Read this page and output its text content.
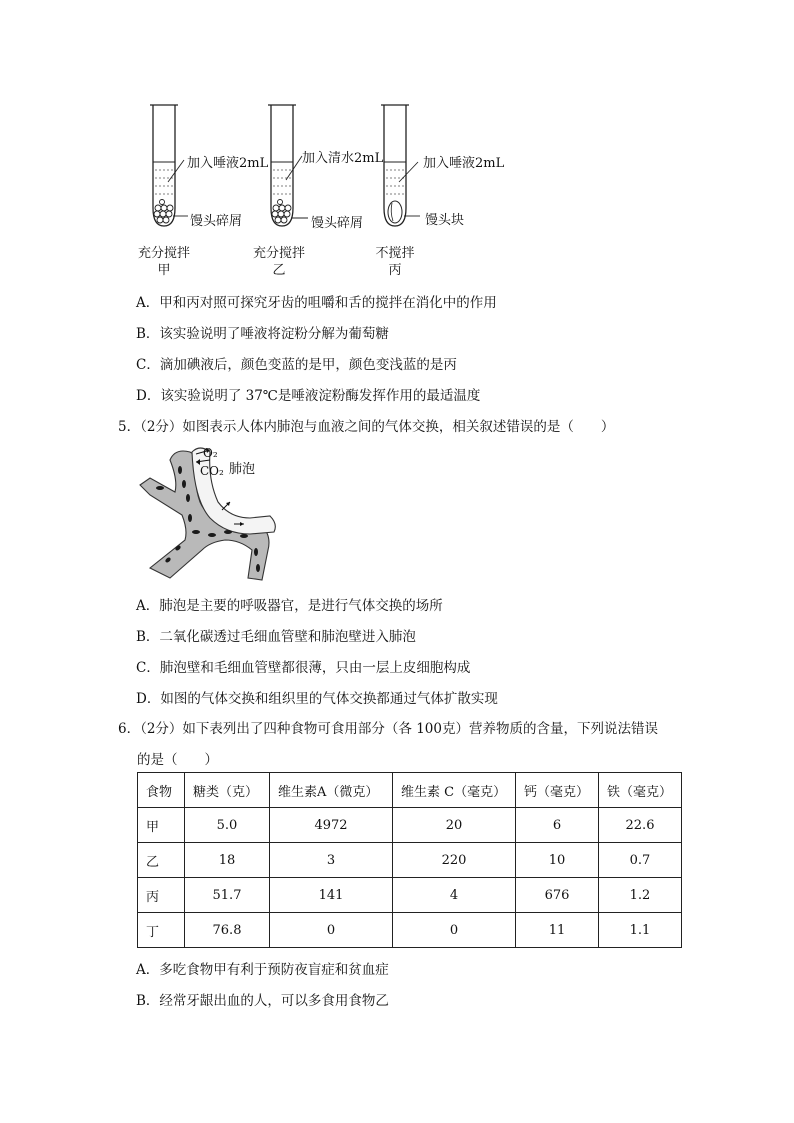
加入唾液2mL
馒头碎屑
加入清水2mL
馒头碎屑
加入唾液2mL
馒头块
充分搅拌
甲
充分搅拌
乙
不搅拌
丙
A．甲和丙对照可探究牙齿的咀嚼和舌的搅拌在消化中的作用
B．该实验说明了唾液将淀粉分解为葡萄糖
C．滴加碘液后，颜色变蓝的是甲，颜色变浅蓝的是丙
D．该实验说明了 37℃是唾液淀粉酶发挥作用的最适温度
5．（2分）如图表示人体内肺泡与血液之间的气体交换，相关叙述错误的是（　　）
O₂
CO₂ 肺泡
A．肺泡是主要的呼吸器官，是进行气体交换的场所
B．二氧化碳透过毛细血管壁和肺泡壁进入肺泡
C．肺泡壁和毛细血管壁都很薄，只由一层上皮细胞构成
D．如图的气体交换和组织里的气体交换都通过气体扩散实现
6．（2分）如下表列出了四种食物可食用部分（各 100克）营养物质的含量，下列说法错误
的是（　　）
食物	糖类（克）	维生素A（微克）	维生素 C（毫克）	钙（毫克）	铁（毫克）
甲	5.0	4972	20	6	22.6
乙	18	3	220	10	0.7
丙	51.7	141	4	676	1.2
丁	76.8	0	0	11	1.1
A．多吃食物甲有利于预防夜盲症和贫血症
B．经常牙龈出血的人，可以多食用食物乙
